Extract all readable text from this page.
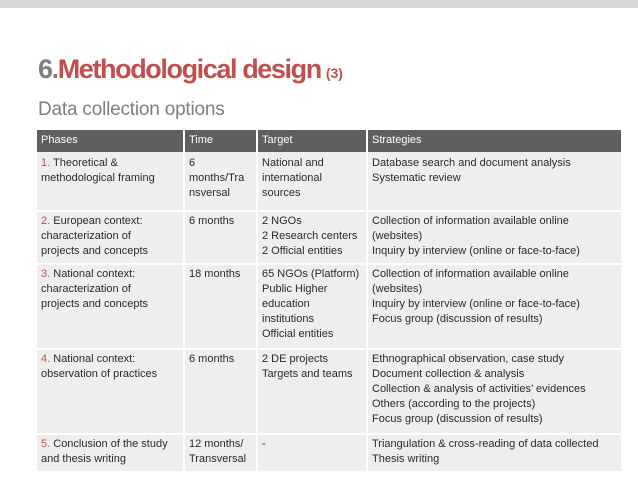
6.Methodological design (3)
Data collection options
Phases	Time	Target	Strategies

1. Theoretical &
methodological framing	6
months/Tra
nsversal	National and
international
sources	Database search and document analysis
Systematic review

2. European context:
characterization of
projects and concepts	6 months	2 NGOs
2 Research centers
2 Official entities	Collection of information available online
(websites)
Inquiry by interview (online or face-to-face)

3. National context:
characterization of
projects and concepts	18 months	65 NGOs (Platform)
Public Higher
education
institutions
Official entities	Collection of information available online
(websites)
Inquiry by interview (online or face-to-face)
Focus group (discussion of results)

4. National context:
observation of practices	6 months	2 DE projects
Targets and teams	Ethnographical observation, case study
Document collection & analysis
Collection & analysis of activities’ evidences
Others (according to the projects)
Focus group (discussion of results)

5. Conclusion of the study
and thesis writing	12 months/
Transversal	-	Triangulation & cross-reading of data collected
Thesis writing
